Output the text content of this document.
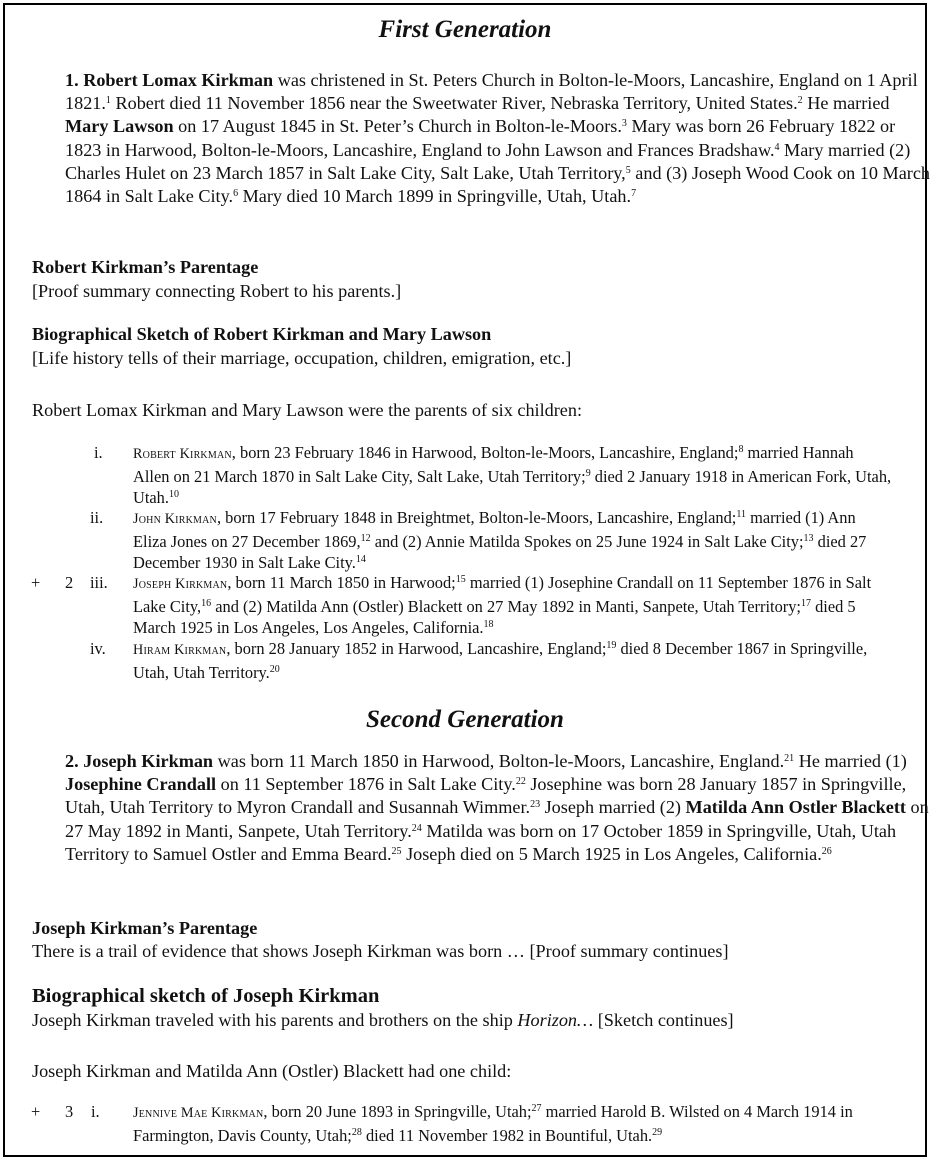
First Generation

1. Robert Lomax Kirkman was christened in St. Peters Church in Bolton-le-Moors, Lancashire, England on 1 April 1821.$^1$ Robert died 11 November 1856 near the Sweetwater River, Nebraska Territory, United States.$^2$ He married Mary Lawson on 17 August 1845 in St. Peter’s Church in Bolton-le-Moors.$^3$ Mary was born 26 February 1822 or 1823 in Harwood, Bolton-le-Moors, Lancashire, England to John Lawson and Frances Bradshaw.$^4$ Mary married (2) Charles Hulet on 23 March 1857 in Salt Lake City, Salt Lake, Utah Territory,$^5$ and (3) Joseph Wood Cook on 10 March 1864 in Salt Lake City.$^6$ Mary died 10 March 1899 in Springville, Utah, Utah.$^7$

Robert Kirkman’s Parentage

[Proof summary connecting Robert to his parents.]

Biographical Sketch of Robert Kirkman and Mary Lawson

[Life history tells of their marriage, occupation, children, emigration, etc.]

Robert Lomax Kirkman and Mary Lawson were the parents of six children:

i. Robert Kirkman, born 23 February 1846 in Harwood, Bolton-le-Moors, Lancashire, England;$^8$ married Hannah Allen on 21 March 1870 in Salt Lake City, Salt Lake, Utah Territory;$^9$ died 2 January 1918 in American Fork, Utah, Utah.$^{10}$
ii. John Kirkman, born 17 February 1848 in Breightmet, Bolton-le-Moors, Lancashire, England;$^{11}$ married (1) Ann Eliza Jones on 27 December 1869,12 and (2) Annie Matilda Spokes on 25 June 1924 in Salt Lake City;$^{13}$ died 27 December 1930 in Salt Lake City.$^{14}$
+ 2 iii. Joseph Kirkman, born 11 March 1850 in Harwood;$^{15}$ married (1) Josephine Crandall on 11 September 1876 in Salt Lake City,$^{16}$ and (2) Matilda Ann (Ostler) Blackett on 27 May 1892 in Manti, Sanpete, Utah Territory;$^{17}$ died 5 March 1925 in Los Angeles, Los Angeles, California.$^{18}$
iv. Hiram Kirkman, born 28 January 1852 in Harwood, Lancashire, England;$^{19}$ died 8 December 1867 in Springville, Utah, Utah Territory.$^{20}$
Second Generation

2. Joseph Kirkman was born 11 March 1850 in Harwood, Bolton-le-Moors, Lancashire, England.$^{21}$ He married (1) Josephine Crandall on 11 September 1876 in Salt Lake City.$^{22}$ Josephine was born 28 January 1857 in Springville, Utah, Utah Territory to Myron Crandall and Susannah Wimmer.$^{23}$ Joseph married (2) Matilda Ann Ostler Blackett on 27 May 1892 in Manti, Sanpete, Utah Territory.$^{24}$ Matilda was born on 17 October 1859 in Springville, Utah, Utah Territory to Samuel Ostler and Emma Beard.$^{25}$ Joseph died on 5 March 1925 in Los Angeles, California.$^{26}$

Joseph Kirkman’s Parentage

There is a trail of evidence that shows Joseph Kirkman was born … [Proof summary continues]

Biographical sketch of Joseph Kirkman

Joseph Kirkman traveled with his parents and brothers on the ship Horizon… [Sketch continues]

Joseph Kirkman and Matilda Ann (Ostler) Blackett had one child:

+ 3 i. Jennive Mae Kirkman, born 20 June 1893 in Springville, Utah;$^{27}$ married Harold B. Wilsted on 4 March 1914 in Farmington, Davis County, Utah;$^{28}$ died 11 November 1982 in Bountiful, Utah.$^{29}$
